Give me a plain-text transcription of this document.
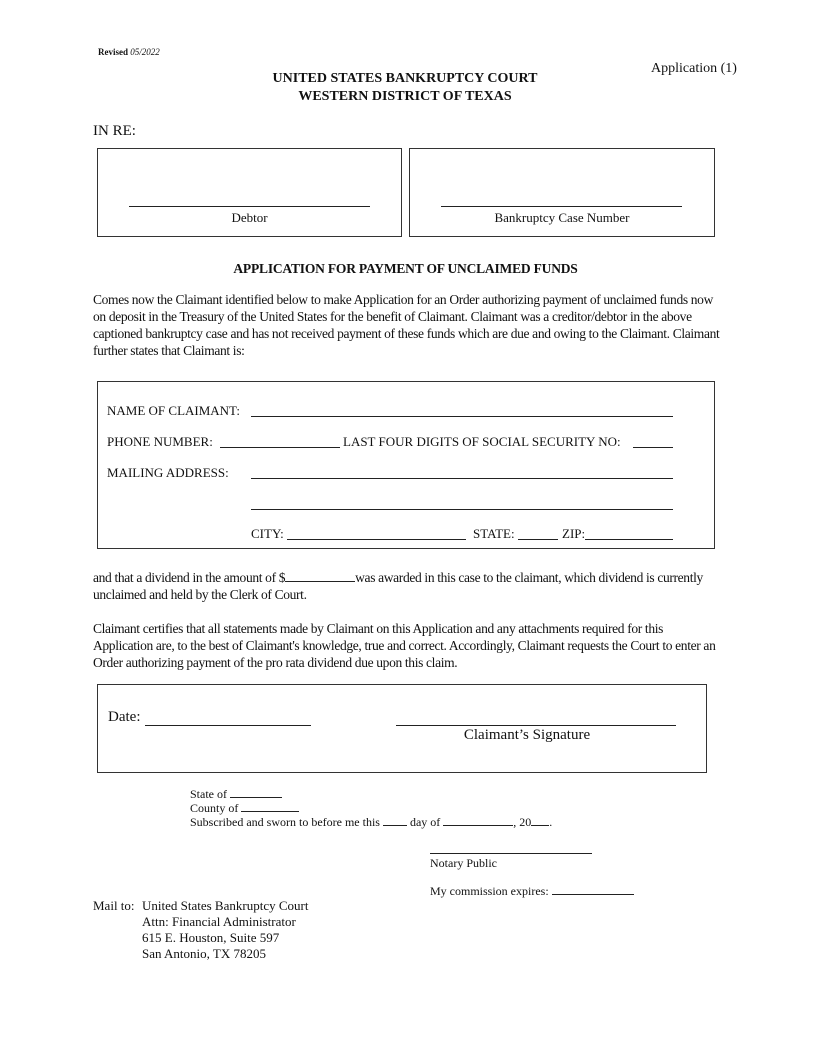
Revised 05/2022
Application (1)
UNITED STATES BANKRUPTCY COURT
WESTERN DISTRICT OF TEXAS
IN RE:
Debtor	Bankruptcy Case Number
APPLICATION FOR PAYMENT OF UNCLAIMED FUNDS
Comes now the Claimant identified below to make Application for an Order authorizing payment of unclaimed funds now on deposit in the Treasury of the United States for the benefit of Claimant. Claimant was a creditor/debtor in the above captioned bankruptcy case and has not received payment of these funds which are due and owing to the Claimant. Claimant further states that Claimant is:
NAME OF CLAIMANT:
PHONE NUMBER:	LAST FOUR DIGITS OF SOCIAL SECURITY NO:
MAILING ADDRESS:
CITY:	STATE:	ZIP:
and that a dividend in the amount of $	was awarded in this case to the claimant, which dividend is currently
unclaimed and held by the Clerk of Court.
Claimant certifies that all statements made by Claimant on this Application and any attachments required for this Application are, to the best of Claimant's knowledge, true and correct. Accordingly, Claimant requests the Court to enter an Order authorizing payment of the pro rata dividend due upon this claim.
Date:
Claimant’s Signature
State of
County of
Subscribed and sworn to before me this	day of	, 20 .
Notary Public
My commission expires:
Mail to: United States Bankruptcy Court
Attn: Financial Administrator
615 E. Houston, Suite 597
San Antonio, TX 78205
